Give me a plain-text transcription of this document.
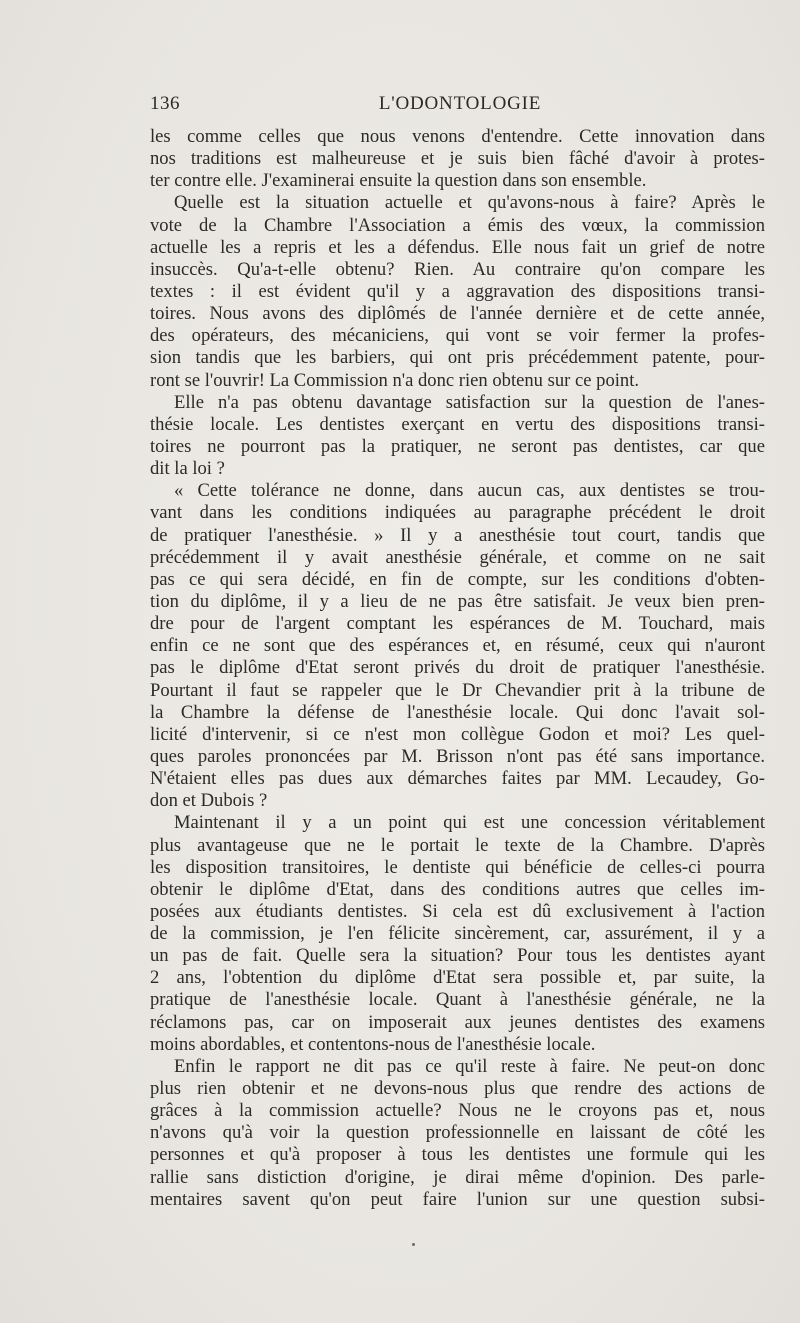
136	L'ODONTOLOGIE
les comme celles que nous venons d'entendre. Cette innovation dans
nos traditions est malheureuse et je suis bien fâché d'avoir à protes-
ter contre elle. J'examinerai ensuite la question dans son ensemble.
Quelle est la situation actuelle et qu'avons-nous à faire? Après le
vote de la Chambre l'Association a émis des vœux, la commission
actuelle les a repris et les a défendus. Elle nous fait un grief de notre
insuccès. Qu'a-t-elle obtenu? Rien. Au contraire qu'on compare les
textes : il est évident qu'il y a aggravation des dispositions transi-
toires. Nous avons des diplômés de l'année dernière et de cette année,
des opérateurs, des mécaniciens, qui vont se voir fermer la profes-
sion tandis que les barbiers, qui ont pris précédemment patente, pour-
ront se l'ouvrir! La Commission n'a donc rien obtenu sur ce point.
Elle n'a pas obtenu davantage satisfaction sur la question de l'anes-
thésie locale. Les dentistes exerçant en vertu des dispositions transi-
toires ne pourront pas la pratiquer, ne seront pas dentistes, car que
dit la loi ?
« Cette tolérance ne donne, dans aucun cas, aux dentistes se trou-
vant dans les conditions indiquées au paragraphe précédent le droit
de pratiquer l'anesthésie. » Il y a anesthésie tout court, tandis que
précédemment il y avait anesthésie générale, et comme on ne sait
pas ce qui sera décidé, en fin de compte, sur les conditions d'obten-
tion du diplôme, il y a lieu de ne pas être satisfait. Je veux bien pren-
dre pour de l'argent comptant les espérances de M. Touchard, mais
enfin ce ne sont que des espérances et, en résumé, ceux qui n'auront
pas le diplôme d'Etat seront privés du droit de pratiquer l'anesthésie.
Pourtant il faut se rappeler que le Dr Chevandier prit à la tribune de
la Chambre la défense de l'anesthésie locale. Qui donc l'avait sol-
licité d'intervenir, si ce n'est mon collègue Godon et moi? Les quel-
ques paroles prononcées par M. Brisson n'ont pas été sans importance.
N'étaient elles pas dues aux démarches faites par MM. Lecaudey, Go-
don et Dubois ?
Maintenant il y a un point qui est une concession véritablement
plus avantageuse que ne le portait le texte de la Chambre. D'après
les disposition transitoires, le dentiste qui bénéficie de celles-ci pourra
obtenir le diplôme d'Etat, dans des conditions autres que celles im-
posées aux étudiants dentistes. Si cela est dû exclusivement à l'action
de la commission, je l'en félicite sincèrement, car, assurément, il y a
un pas de fait. Quelle sera la situation? Pour tous les dentistes ayant
2 ans, l'obtention du diplôme d'Etat sera possible et, par suite, la
pratique de l'anesthésie locale. Quant à l'anesthésie générale, ne la
réclamons pas, car on imposerait aux jeunes dentistes des examens
moins abordables, et contentons-nous de l'anesthésie locale.
Enfin le rapport ne dit pas ce qu'il reste à faire. Ne peut-on donc
plus rien obtenir et ne devons-nous plus que rendre des actions de
grâces à la commission actuelle? Nous ne le croyons pas et, nous
n'avons qu'à voir la question professionnelle en laissant de côté les
personnes et qu'à proposer à tous les dentistes une formule qui les
rallie sans distiction d'origine, je dirai même d'opinion. Des parle-
mentaires savent qu'on peut faire l'union sur une question subsi-
